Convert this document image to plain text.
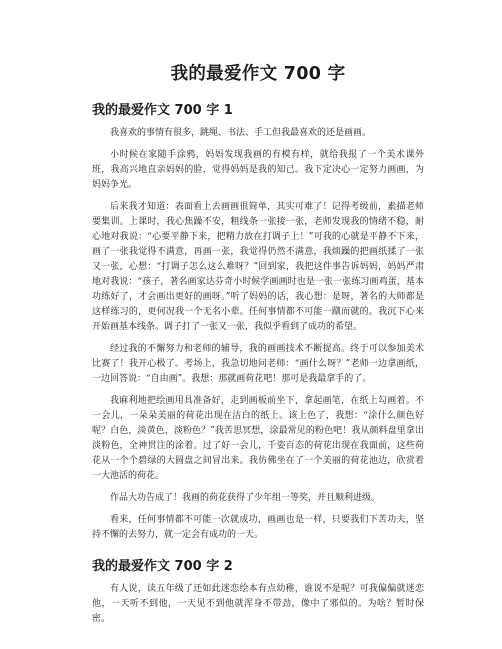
我的最爱作文 700 字
我的最爱作文 700 字 1

我喜欢的事情有很多，跳绳、书法、手工但我最喜欢的还是画画。

小时候在家随手涂鸦，妈妈发现我画的有模有样，就给我报了一个美术课外班，我高兴地直亲妈妈的脸，觉得妈妈是我的知己。我下定决心一定努力画画，为妈妈争光。

后来我才知道：表面看上去画画很简单，其实可难了！记得考级前，素描老师要集训。上课时，我心焦躁不安，粗线条一张接一张，老师发现我的情绪不稳，耐心地对我说：“心要平静下来，把精力放在打调子上！”可我的心就是平静不下来，画了一张我觉得不满意，再画一张，我觉得仍然不满意，我烦躁的把画纸揉了一张又一张，心想：“打调子怎么这么难呀？”回到家，我把这件事告诉妈妈，妈妈严肃地对我说：“孩子，著名画家达芬奇小时候学画画时也是一张一张练习画鸡蛋，基本功练好了，才会画出更好的画呀。”听了妈妈的话，我心想：是呀，著名的大师都是这样练习的，更何况我一个无名小辈。任何事情都不可能一蹴而就的。我沉下心来开始画基本线条。调子打了一张又一张，我似乎看到了成功的希望。

经过我的不懈努力和老师的辅导，我的画画技术不断提高。终于可以参加美术比赛了！我开心极了。考场上，我急切地问老师：“画什么呀？”老师一边拿画纸，一边回答说：“自由画”。我想：那就画荷花吧！那可是我最拿手的了。

我麻利地把绘画用具准备好，走到画板前坐下，拿起画笔，在纸上勾画着。不一会儿，一朵朵美丽的荷花出现在洁白的纸上。该上色了，我想：“涂什么颜色好呢？白色，淡黄色，淡粉色？”我苦思冥想，涂最常见的粉色吧！我从颜料盘里拿出淡粉色，全神贯注的涂着。过了好一会儿，千姿百态的荷花出现在我面前，这些荷花从一个个碧绿的大圆盘之间冒出来。我仿佛坐在了一个美丽的荷花池边，欣赏着一大池活的荷花。

作品大功告成了！我画的荷花获得了少年组一等奖，并且顺利进级。

看来，任何事情都不可能一次就成功，画画也是一样，只要我们下苦功夫，坚持不懈的去努力，就一定会有成功的一天。

我的最爱作文 700 字 2

有人说，读五年级了还如此迷恋绘本有点幼稚，谁说不是呢？可我偏偏就迷恋他，一天听不到他，一天见不到他就浑身不带劲，像中了邪似的。为啥？暂时保密。
